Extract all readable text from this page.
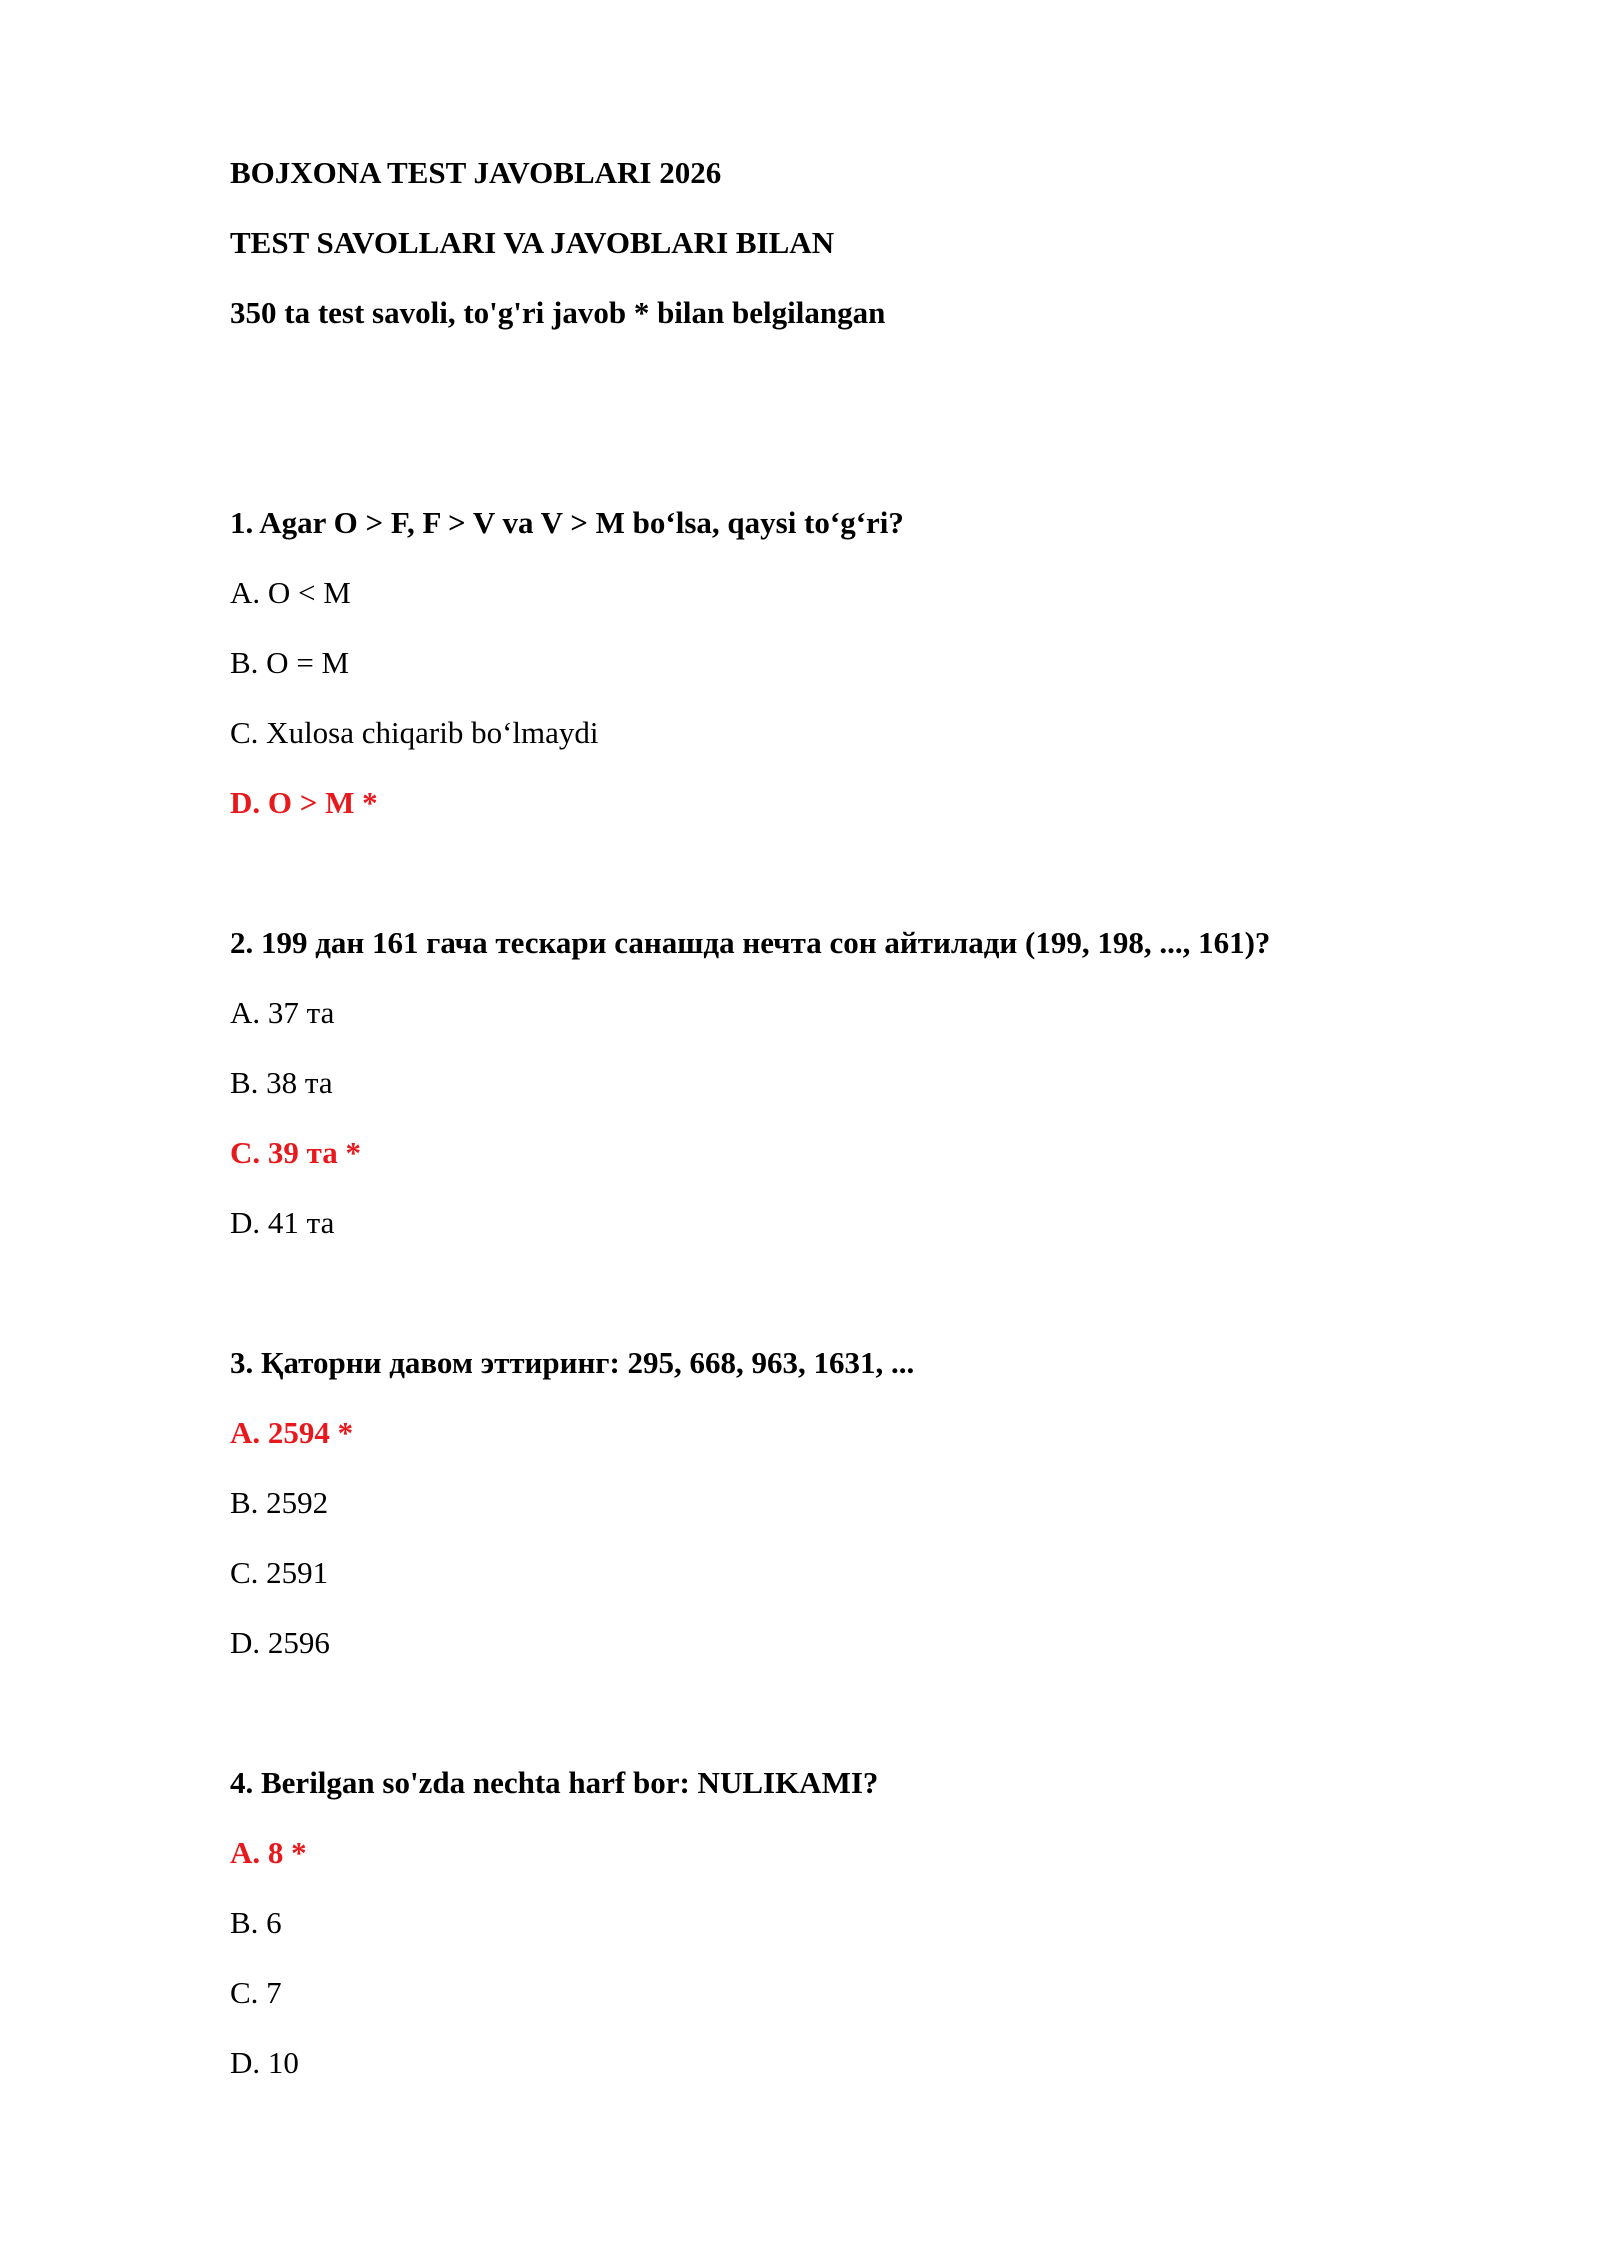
BOJXONA TEST JAVOBLARI 2026
TEST SAVOLLARI VA JAVOBLARI BILAN
350 ta test savoli, to'g'ri javob * bilan belgilangan
1. Agar O > F, F > V va V > M bo‘lsa, qaysi to‘g‘ri?
A. O < M
B. O = M
C. Xulosa chiqarib bo‘lmaydi
D. O > M *
2. 199 дан 161 гача тескари санашда нечта сон айтилади (199, 198, ..., 161)?
A. 37 та
B. 38 та
C. 39 та *
D. 41 та
3. Қаторни давом эттиринг: 295, 668, 963, 1631, ...
A. 2594 *
B. 2592
C. 2591
D. 2596
4. Berilgan so'zda nechta harf bor: NULIKAMI?
A. 8 *
B. 6
C. 7
D. 10
